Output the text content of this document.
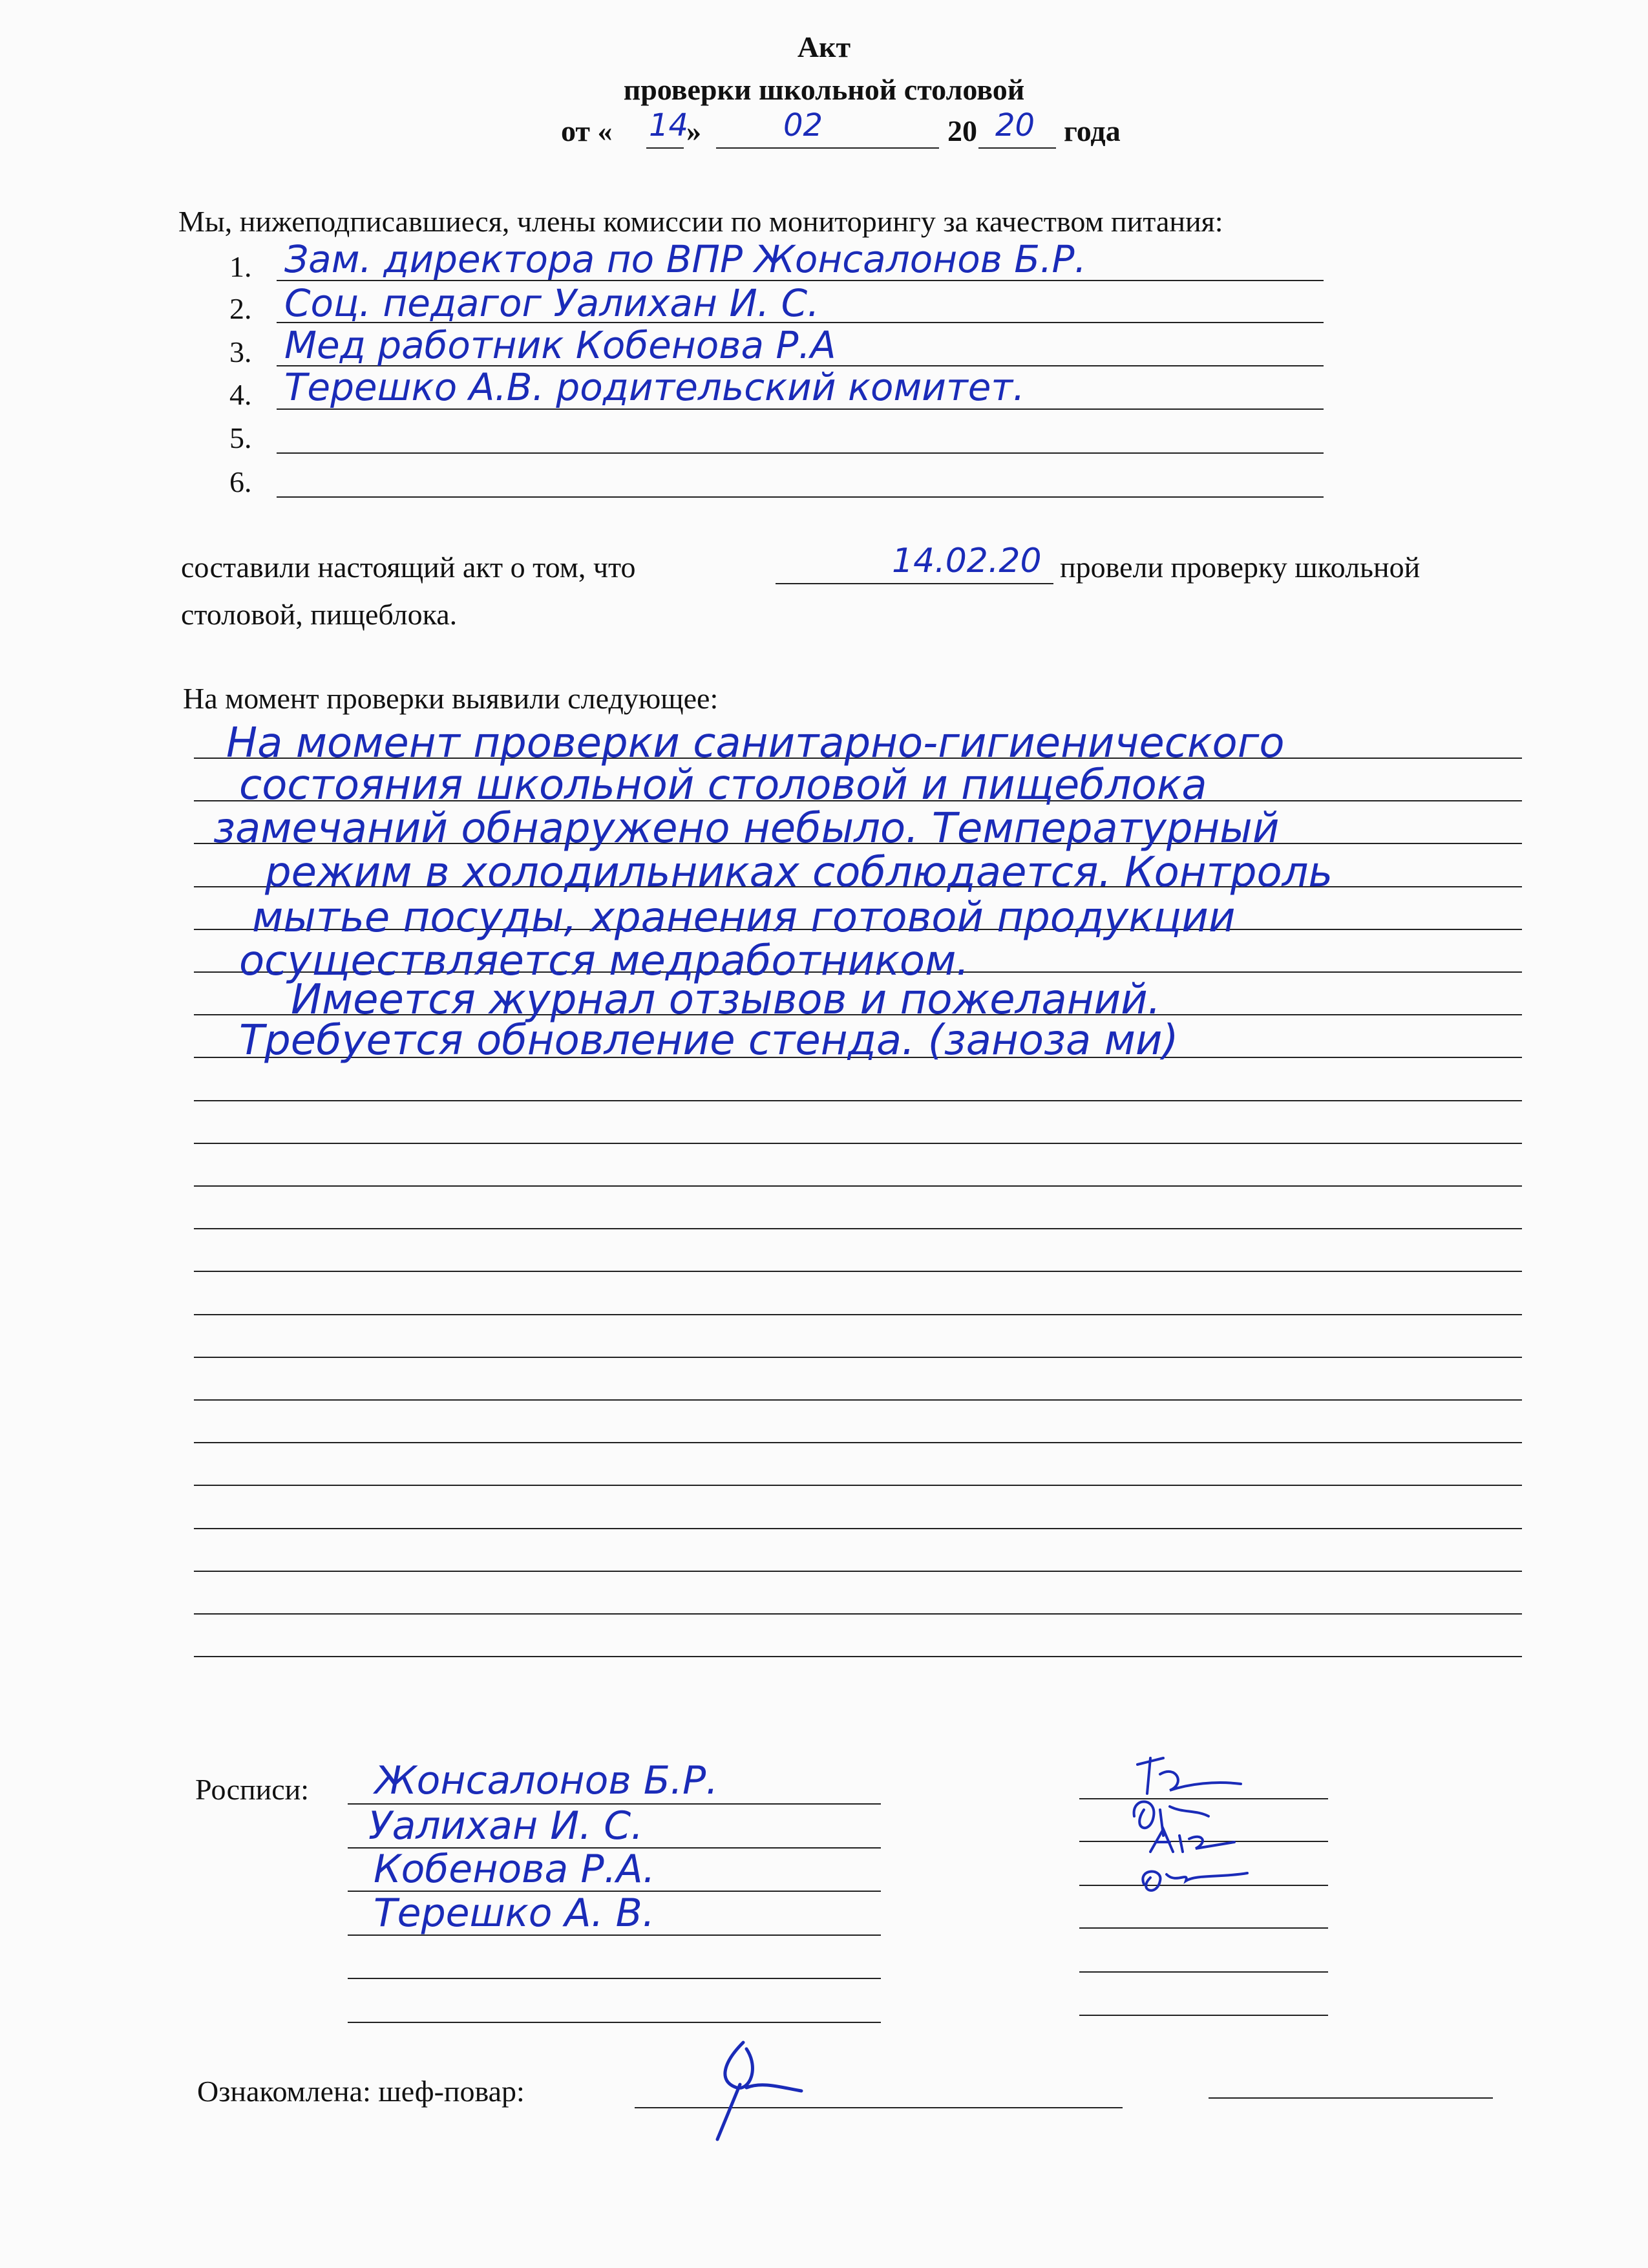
Акт
проверки школьной столовой
от « 14
»	02	20 20 года
Мы, нижеподписавшиеся, члены комиссии по мониторингу за качеством питания:
1. Зам. директора по ВПР Жонсалонов Б.Р.
2. Соц. педагог Уалихан И. С.
3. Мед работник Кобенова Р.А
4. Терешко А.В. родительский комитет.
5.
6.
составили настоящий акт о том, что	14.02.20 провели проверку школьной
столовой, пищеблока.
На момент проверки выявили следующее:
На момент проверки санитарно-гигиенического
состояния школьной столовой и пищеблока
замечаний обнаружено небыло. Температурный
режим в холодильниках соблюдается. Контроль
мытье посуды, хранения готовой продукции
осуществляется медработником.
Имеется журнал отзывов и пожеланий.
Требуется обновление стенда. (заноза ми)
Росписи: Жонсалонов Б.Р.
Уалихан И. С.
Кобенова Р.А.
Терешко А. В.
Ознакомлена: шеф-повар:
